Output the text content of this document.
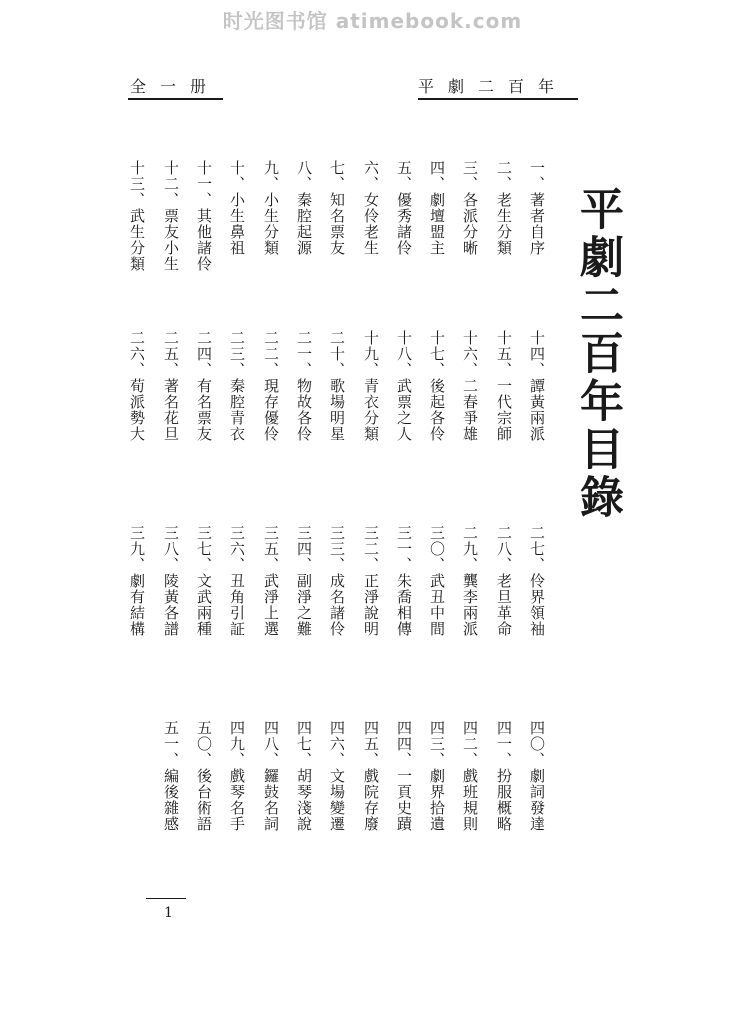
时光图书馆 atimebook.com
全一册	平劇二百年
平劇二百年目錄
一、著者自序
二、老生分類
三、各派分晰
四、劇壇盟主
五、優秀諸伶
六、女伶老生
七、知名票友
八、秦腔起源
九、小生分類
十、小生鼻祖
十一、其他諸伶
十二、票友小生
十三、武生分類
十四、譚黃兩派
十五、一代宗師
十六、二春爭雄
十七、後起各伶
十八、武票之人
十九、青衣分類
二十、歌場明星
二一、物故各伶
二二、現存優伶
二三、秦腔青衣
二四、有名票友
二五、著名花旦
二六、荀派勢大
二七、伶界領袖
二八、老旦革命
二九、龔李兩派
三〇、武丑中間
三一、朱喬相傳
三二、正淨說明
三三、成名諸伶
三四、副淨之難
三五、武淨上選
三六、丑角引証
三七、文武兩種
三八、陵黃各譜
三九、劇有結構
四〇、劇詞發達
四一、扮服概略
四二、戲班規則
四三、劇界拾遺
四四、一頁史蹟
四五、戲院存廢
四六、文場變遷
四七、胡琴淺說
四八、鑼鼓名詞
四九、戲琴名手
五〇、後台術語
五一、編後雜感
1
